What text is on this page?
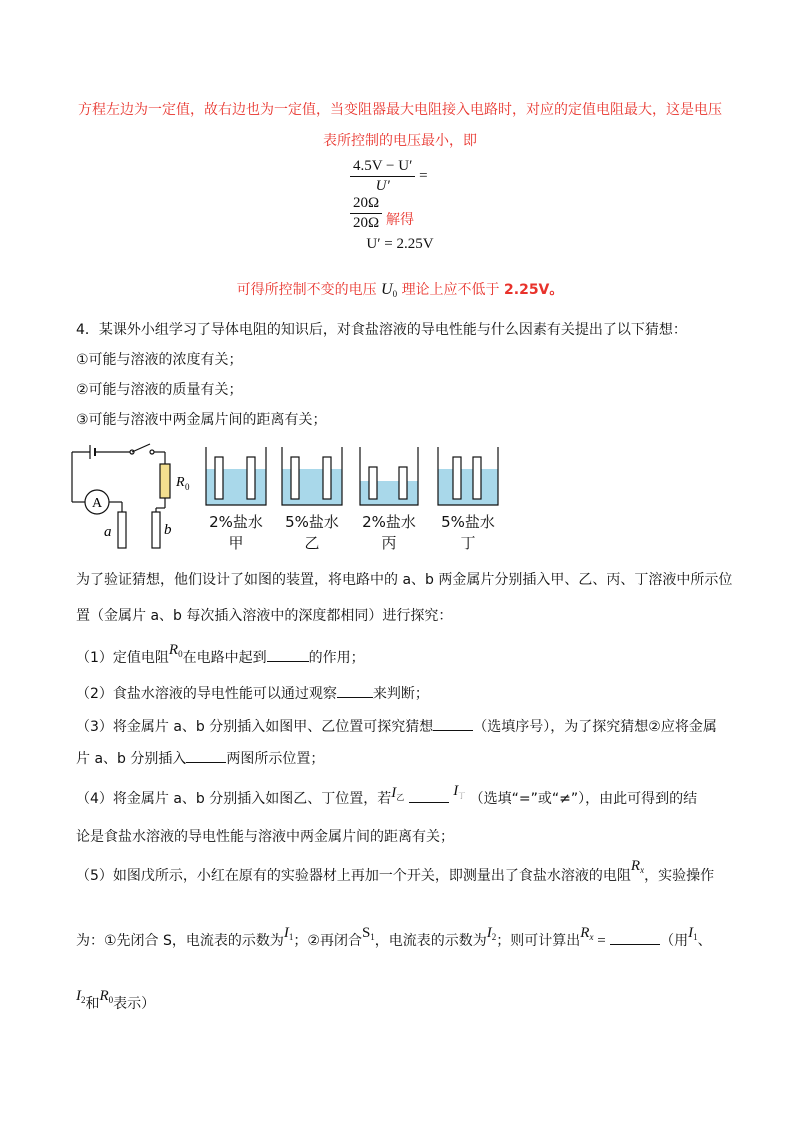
方程左边为一定值，故右边也为一定值，当变阻器最大电阻接入电路时，对应的定值电阻最大，这是电压
表所控制的电压最小，即
$\frac{4.5V - U'}{U'}$ =
$\frac{20\Omega}{20\Omega}$ 解得
U′ = 2.25V
可得所控制不变的电压 $U_0$ 理论上应不低于 2.25V。
4．某课外小组学习了导体电阻的知识后，对食盐溶液的导电性能与什么因素有关提出了以下猜想：
①可能与溶液的浓度有关；
②可能与溶液的质量有关；
③可能与溶液中两金属片间的距离有关；
A
R 0
a	b	2%盐水
甲
5%盐水
乙
2%盐水
丙
5%盐水
丁
为了验证猜想，他们设计了如图的装置，将电路中的 a、b 两金属片分别插入甲、乙、丙、丁溶液中所示位
置（金属片 a、b 每次插入溶液中的深度都相同）进行探究：
（1）定值电阻$R^0$在电路中起到	的作用；
（2）食盐水溶液的导电性能可以通过观察	来判断；
（3）将金属片 a、b 分别插入如图甲、乙位置可探究猜想	（选填序号），为了探究猜想②应将金属
片 a、b 分别插入	两图所示位置；
（4）将金属片 a、b 分别插入如图乙、丁位置，若$I^乙$	$I^丁$ （选填“=”或“≠”），由此可得到的结
论是食盐水溶液的导电性能与溶液中两金属片间的距离有关；
（5）如图戊所示，小红在原有的实验器材上再加一个开关，即测量出了食盐水溶液的电阻$R^x$，实验操作
为：①先闭合 S，电流表的示数为$I^1$；②再闭合$S^1$，电流表的示数为$I^2$；则可计算出$R^x$ =	（用$I^1$、
$I^2$和$R^0$表示）
